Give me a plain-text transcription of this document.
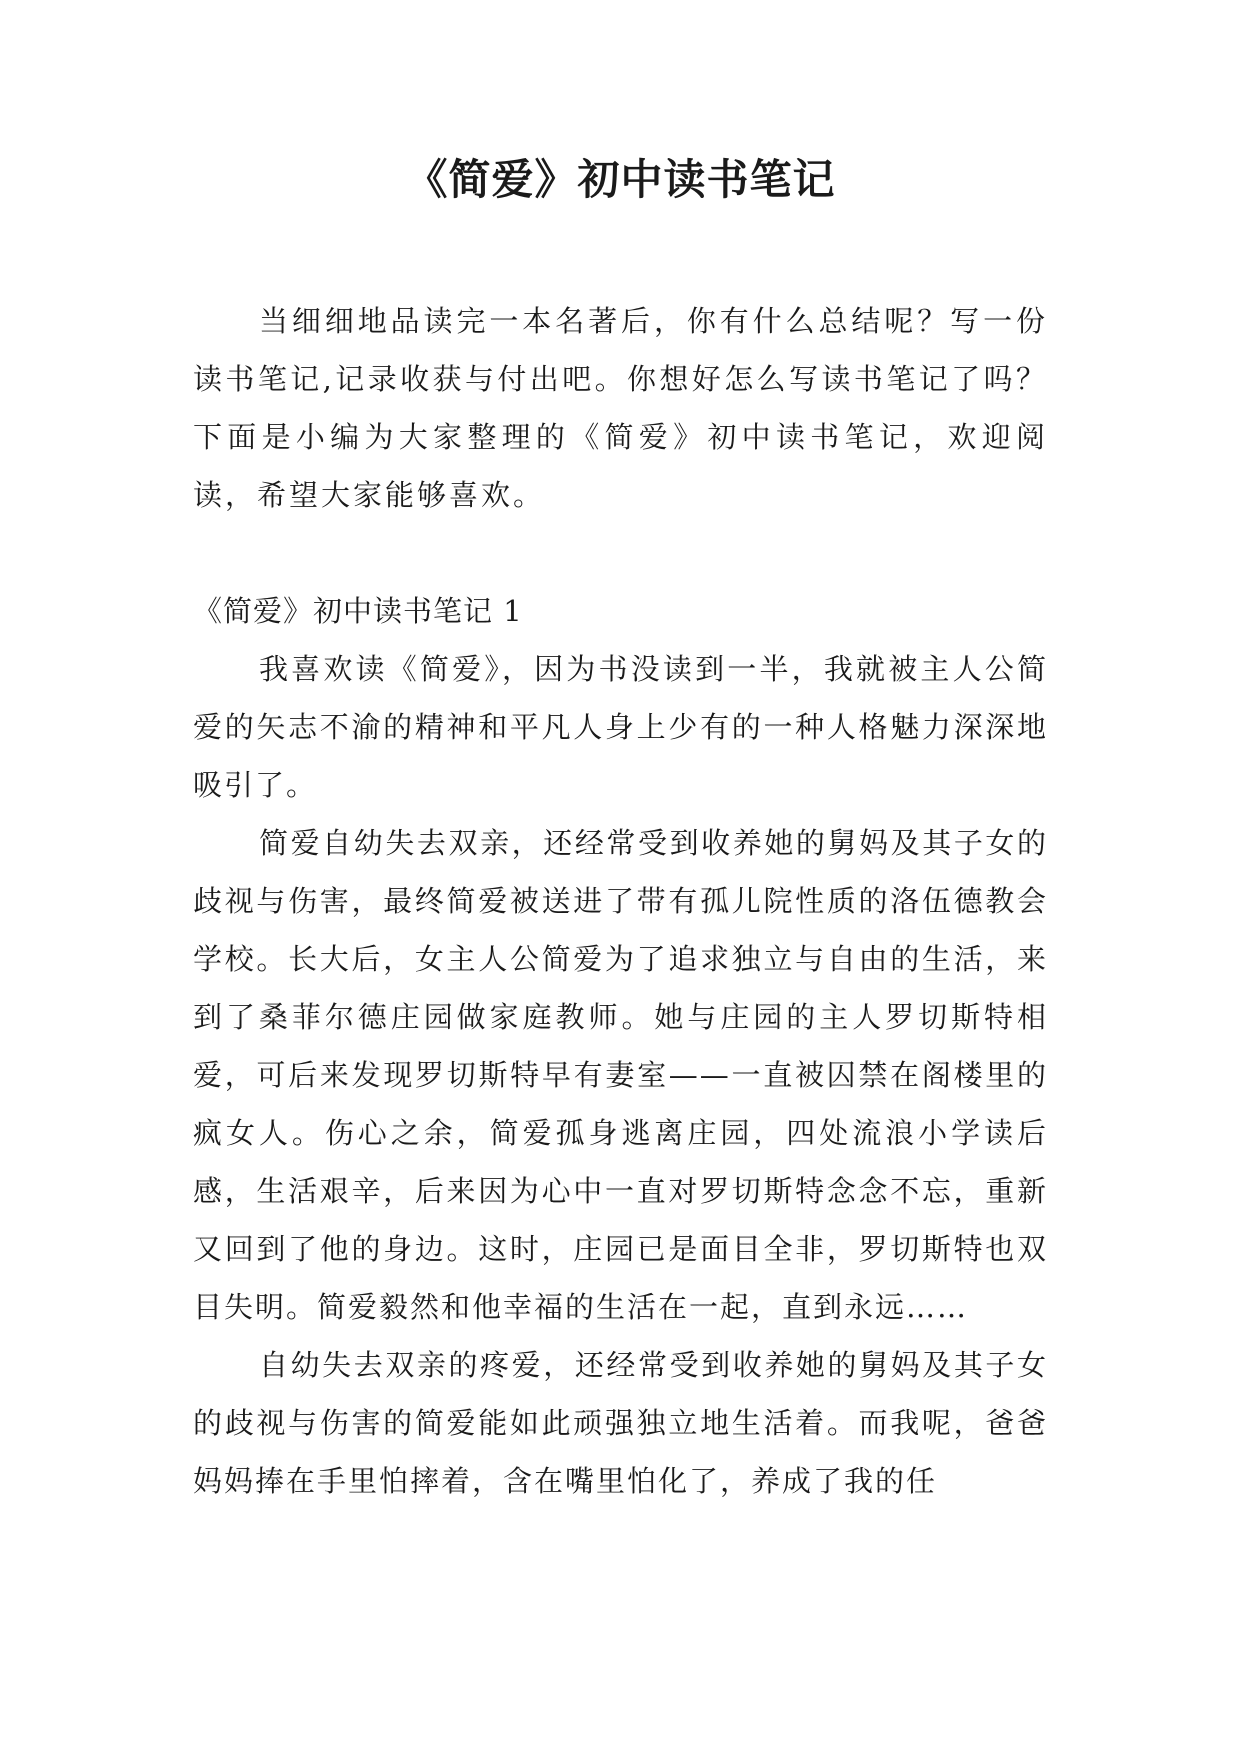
《简爱》初中读书笔记

当细细地品读完一本名著后，你有什么总结呢？写一份读书笔记,记录收获与付出吧。你想好怎么写读书笔记了吗？下面是小编为大家整理的《简爱》初中读书笔记，欢迎阅读，希望大家能够喜欢。

《简爱》初中读书笔记 1

我喜欢读《简爱》，因为书没读到一半，我就被主人公简爱的矢志不渝的精神和平凡人身上少有的一种人格魅力深深地吸引了。

简爱自幼失去双亲，还经常受到收养她的舅妈及其子女的歧视与伤害，最终简爱被送进了带有孤儿院性质的洛伍德教会学校。长大后，女主人公简爱为了追求独立与自由的生活，来到了桑菲尔德庄园做家庭教师。她与庄园的主人罗切斯特相爱，可后来发现罗切斯特早有妻室——一直被囚禁在阁楼里的疯女人。伤心之余，简爱孤身逃离庄园，四处流浪小学读后感，生活艰辛，后来因为心中一直对罗切斯特念念不忘，重新又回到了他的身边。这时，庄园已是面目全非，罗切斯特也双目失明。简爱毅然和他幸福的生活在一起，直到永远……

自幼失去双亲的疼爱，还经常受到收养她的舅妈及其子女的歧视与伤害的简爱能如此顽强独立地生活着。而我呢，爸爸妈妈捧在手里怕摔着，含在嘴里怕化了，养成了我的任
